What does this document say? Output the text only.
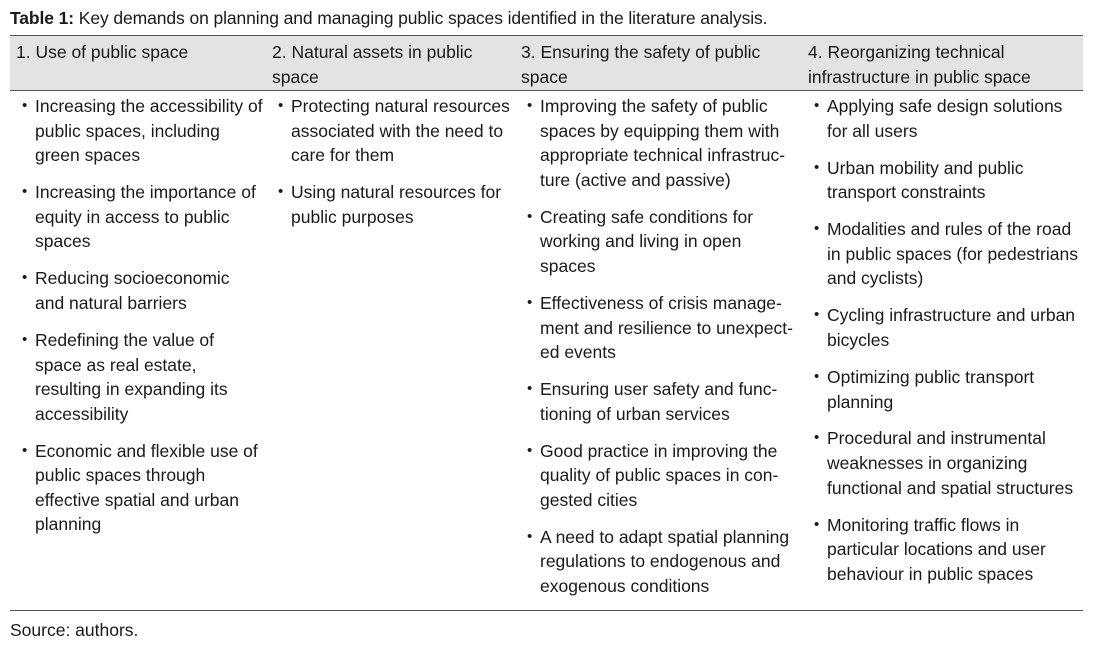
Table 1: Key demands on planning and managing public spaces identified in the literature analysis.
1. Use of public space	2. Natural assets in public space
3. Ensuring the safety of public space
4. Reorganizing technical infrastructure in public space
• Increasing the accessibility of public spaces, including green spaces
• Increasing the importance of equity in access to public spaces
• Reducing socioeconomic and natural barriers
• Redefining the value of space as real estate, resulting in expanding its accessibility
• Economic and flexible use of public spaces through effective spatial and urban planning
• Protecting natural resources associated with the need to care for them
• Using natural resources for public purposes
• Improving the safety of public spaces by equipping them with appropriate technical infrastructure (active and passive)
• Creating safe conditions for working and living in open spaces
• Effectiveness of crisis management and resilience to unexpected events
• Ensuring user safety and functioning of urban services
• Good practice in improving the quality of public spaces in congested cities
• A need to adapt spatial planning regulations to endogenous and exogenous conditions
• Applying safe design solutions for all users
• Urban mobility and public transport constraints
• Modalities and rules of the road in public spaces (for pedestrians and cyclists)
• Cycling infrastructure and urban bicycles
• Optimizing public transport planning
• Procedural and instrumental weaknesses in organizing functional and spatial structures
• Monitoring traffic flows in particular locations and user behaviour in public spaces
Source: authors.
